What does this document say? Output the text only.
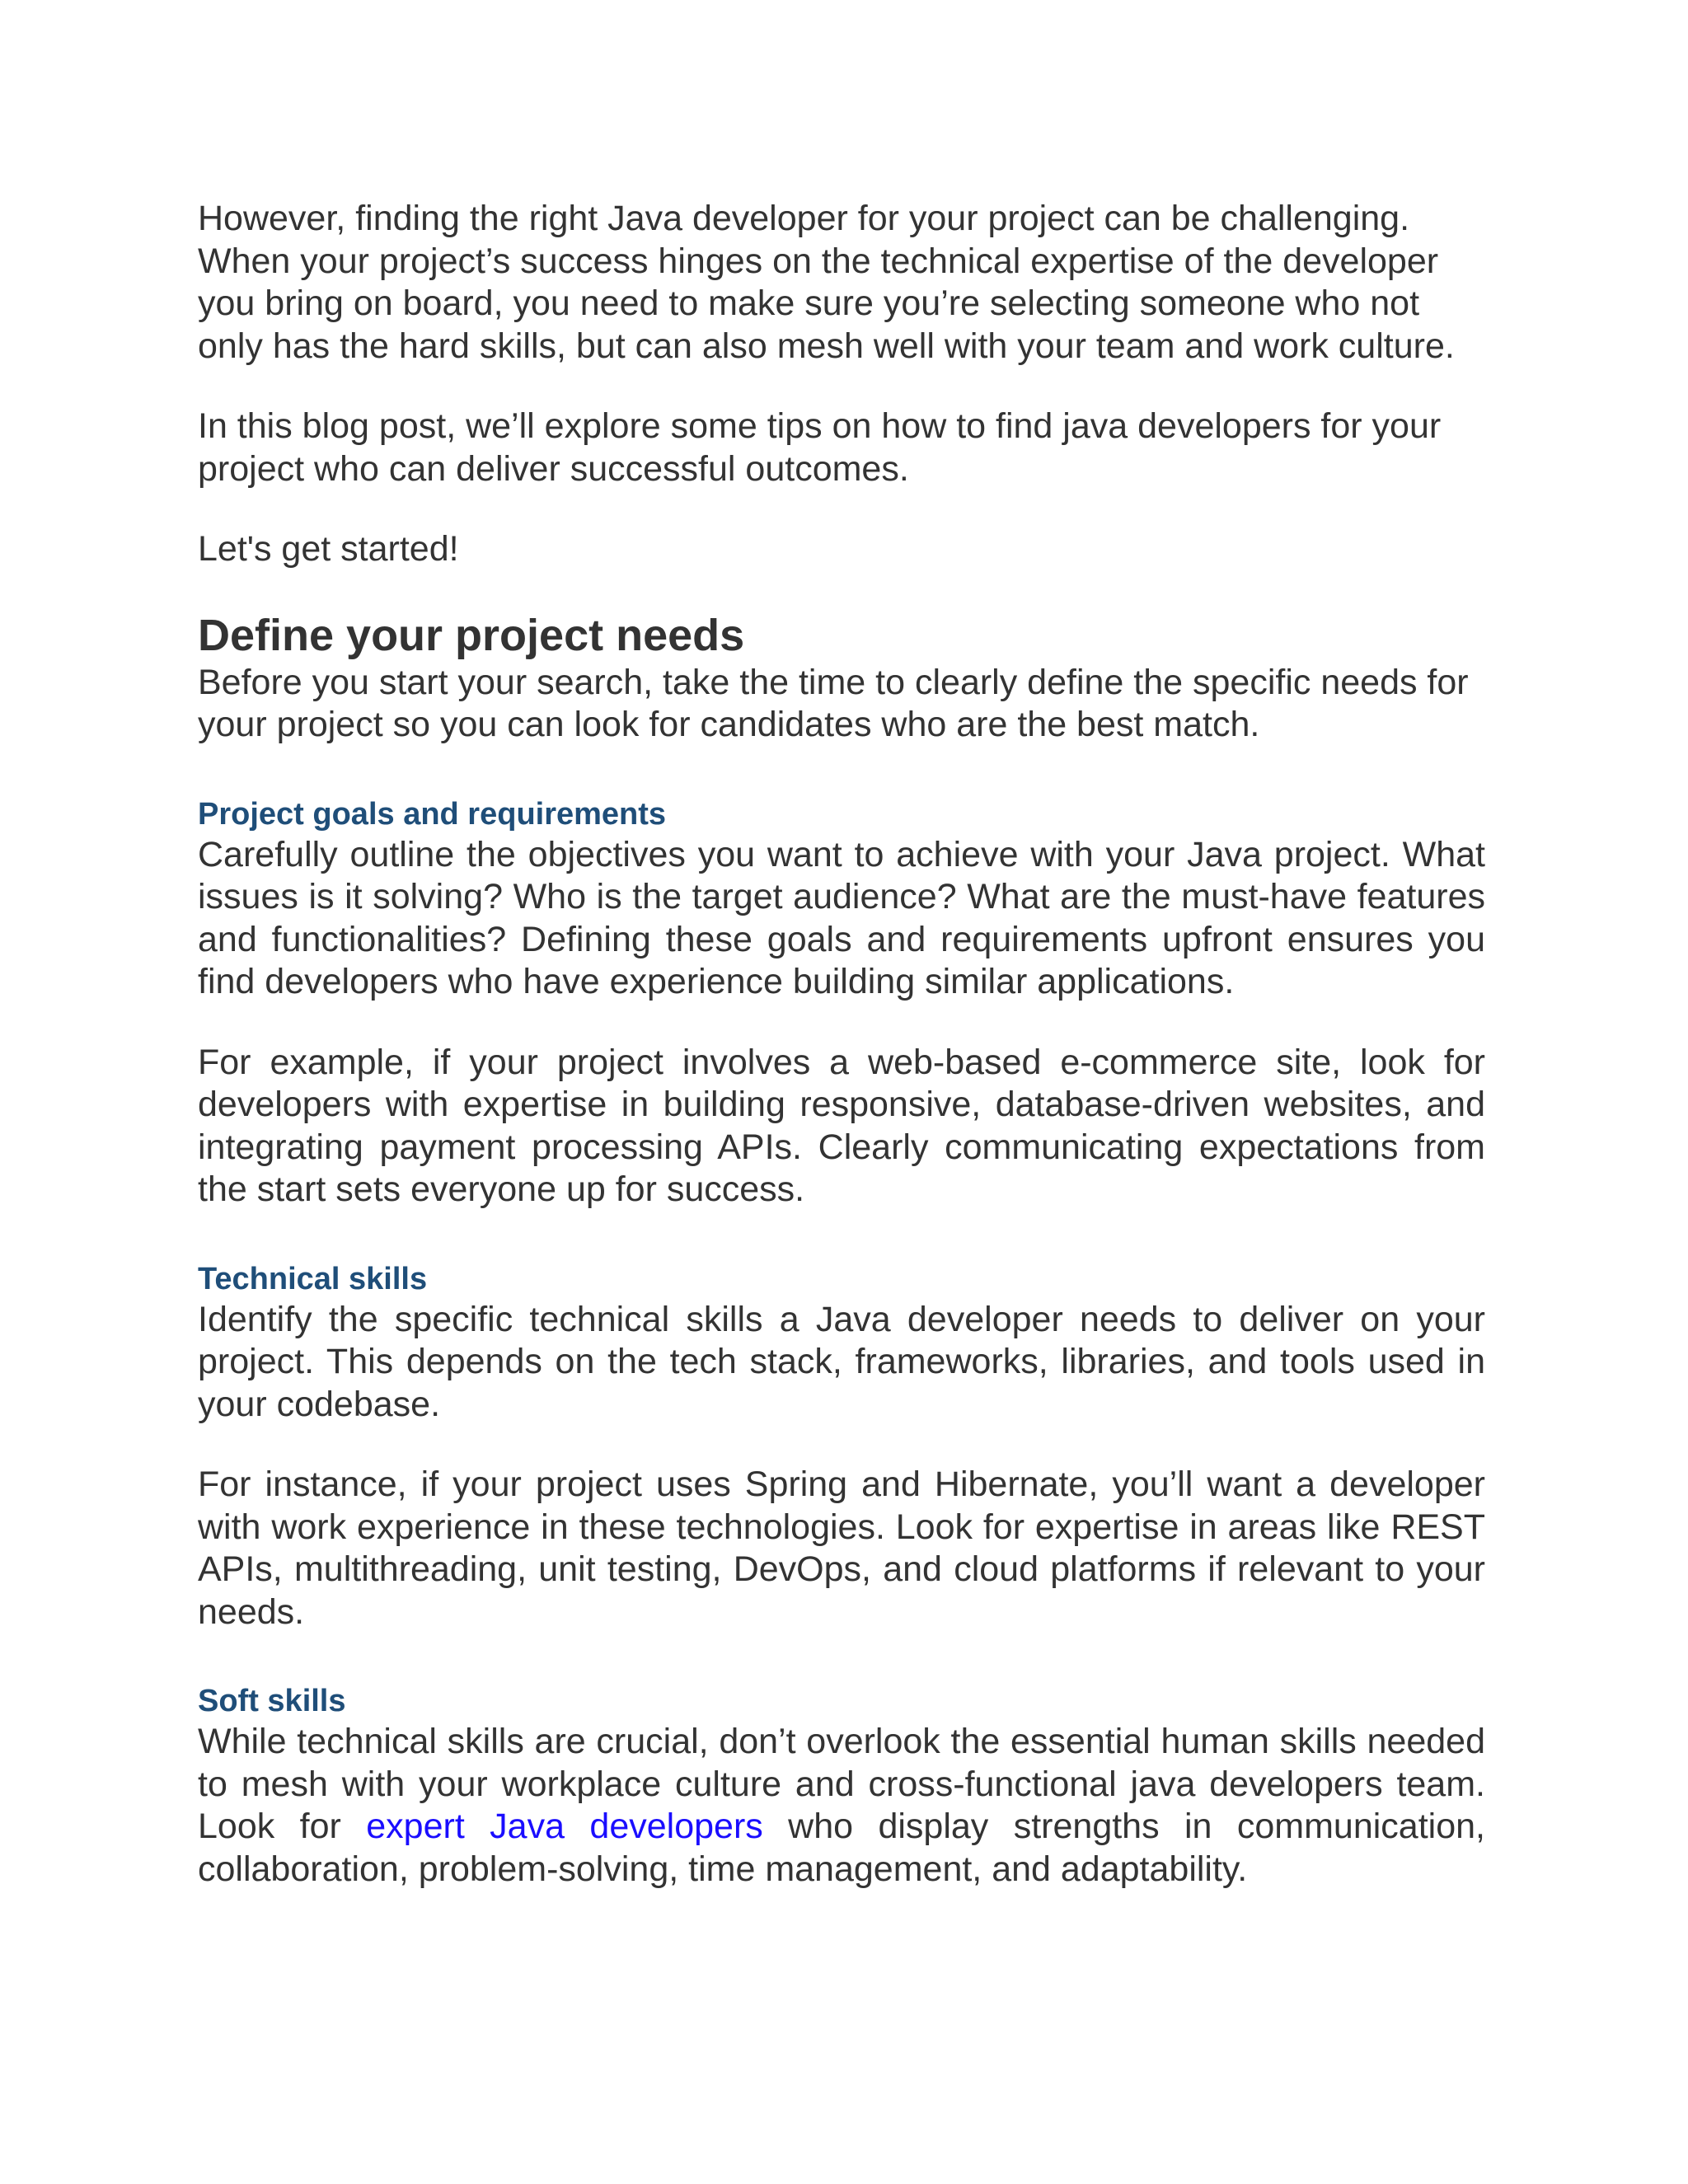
However, finding the right Java developer for your project can be challenging. When your project’s success hinges on the technical expertise of the developer you bring on board, you need to make sure you’re selecting someone who not only has the hard skills, but can also mesh well with your team and work culture.

In this blog post, we’ll explore some tips on how to find java developers for your project who can deliver successful outcomes.

Let's get started!

Define your project needs

Before you start your search, take the time to clearly define the specific needs for your project so you can look for candidates who are the best match.

Project goals and requirements

Carefully outline the objectives you want to achieve with your Java project. What issues is it solving? Who is the target audience? What are the must-have features and functionalities? Defining these goals and requirements upfront ensures you find developers who have experience building similar applications.

For example, if your project involves a web-based e-commerce site, look for developers with expertise in building responsive, database-driven websites, and integrating payment processing APIs. Clearly communicating expectations from the start sets everyone up for success.

Technical skills

Identify the specific technical skills a Java developer needs to deliver on your project. This depends on the tech stack, frameworks, libraries, and tools used in your codebase.

For instance, if your project uses Spring and Hibernate, you’ll want a developer with work experience in these technologies. Look for expertise in areas like REST APIs, multithreading, unit testing, DevOps, and cloud platforms if relevant to your needs.

Soft skills

While technical skills are crucial, don’t overlook the essential human skills needed to mesh with your workplace culture and cross-functional java developers team. Look for expert Java developers who display strengths in communication, collaboration, problem-solving, time management, and adaptability.
